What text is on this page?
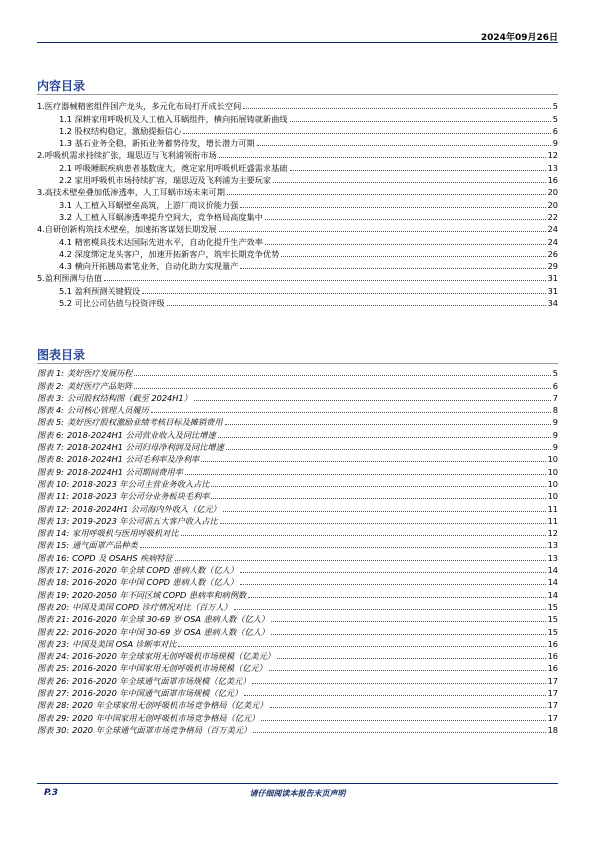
2024年09月26日
内容目录
1.医疗器械精密组件国产龙头，多元化布局打开成长空间	5
1.1 深耕家用呼吸机及人工植入耳蜗组件，横向拓展铸就新曲线	5
1.2 股权结构稳定，激励提振信心	6
1.3 基石业务全稳，新拓业务蓄势待发，增长潜力可期	9
2.呼吸机需求持续扩张，瑞思迈与飞利浦领衔市场	12
2.1 呼吸睡眠疾病患者基数庞大，奠定家用呼吸机旺盛需求基础	13
2.2 家用呼吸机市场持续扩容，瑞思迈及飞利浦为主要玩家	16
3.高技术壁垒叠加低渗透率，人工耳蜗市场未来可期	20
3.1 人工植入耳蜗壁垒高筑，上游厂商议价能力强	20
3.2 人工植入耳蜗渗透率提升空间大，竞争格局高度集中	22
4.自研创新构筑技术壁垒，加速拓客谋划长期发展	24
4.1 精密模具技术达国际先进水平，自动化提升生产效率	24
4.2 深度绑定龙头客户，加速开拓新客户，筑牢长期竞争优势	26
4.3 横向开拓胰岛素笔业务，自动化助力实现量产	29
5.盈利预测与估值	31
5.1 盈利预测关键假设	31
5.2 可比公司估值与投资评级	34
图表目录
图表 1: 美好医疗发展历程	5
图表 2: 美好医疗产品矩阵	6
图表 3: 公司股权结构图（截至 2024H1）	7
图表 4: 公司核心管理人员履历	8
图表 5: 美好医疗股权激励业绩考核目标及摊销费用	9
图表 6: 2018-2024H1 公司营业收入及同比增速	9
图表 7: 2018-2024H1 公司归母净利润及同比增速	9
图表 8: 2018-2024H1 公司毛利率及净利率	10
图表 9: 2018-2024H1 公司期间费用率	10
图表 10: 2018-2023 年公司主营业务收入占比	10
图表 11: 2018-2023 年公司分业务板块毛利率	10
图表 12: 2018-2024H1 公司海内外收入（亿元）	11
图表 13: 2019-2023 年公司前五大客户收入占比	11
图表 14: 家用呼吸机与医用呼吸机对比	12
图表 15: 通气面罩产品种类	13
图表 16: COPD 及 OSAHS 疾病特征	13
图表 17: 2016-2020 年全球 COPD 患病人数（亿人）	14
图表 18: 2016-2020 年中国 COPD 患病人数（亿人）	14
图表 19: 2020-2050 年不同区域 COPD 患病率和病例数	14
图表 20: 中国及美国 COPD 诊疗情况对比（百万人）	15
图表 21: 2016-2020 年全球 30-69 岁 OSA 患病人数（亿人）	15
图表 22: 2016-2020 年中国 30-69 岁 OSA 患病人数（亿人）	15
图表 23: 中国及美国 OSA 诊断率对比	16
图表 24: 2016-2020 年全球家用无创呼吸机市场规模（亿美元）	16
图表 25: 2016-2020 年中国家用无创呼吸机市场规模（亿元）	16
图表 26: 2016-2020 年全球通气面罩市场规模（亿美元）	17
图表 27: 2016-2020 年中国通气面罩市场规模（亿元）	17
图表 28: 2020 年全球家用无创呼吸机市场竞争格局（亿美元）	17
图表 29: 2020 年中国家用无创呼吸机市场竞争格局（亿元）	17
图表 30: 2020 年全球通气面罩市场竞争格局（百万美元）	18
P.3	请仔细阅读本报告末页声明
